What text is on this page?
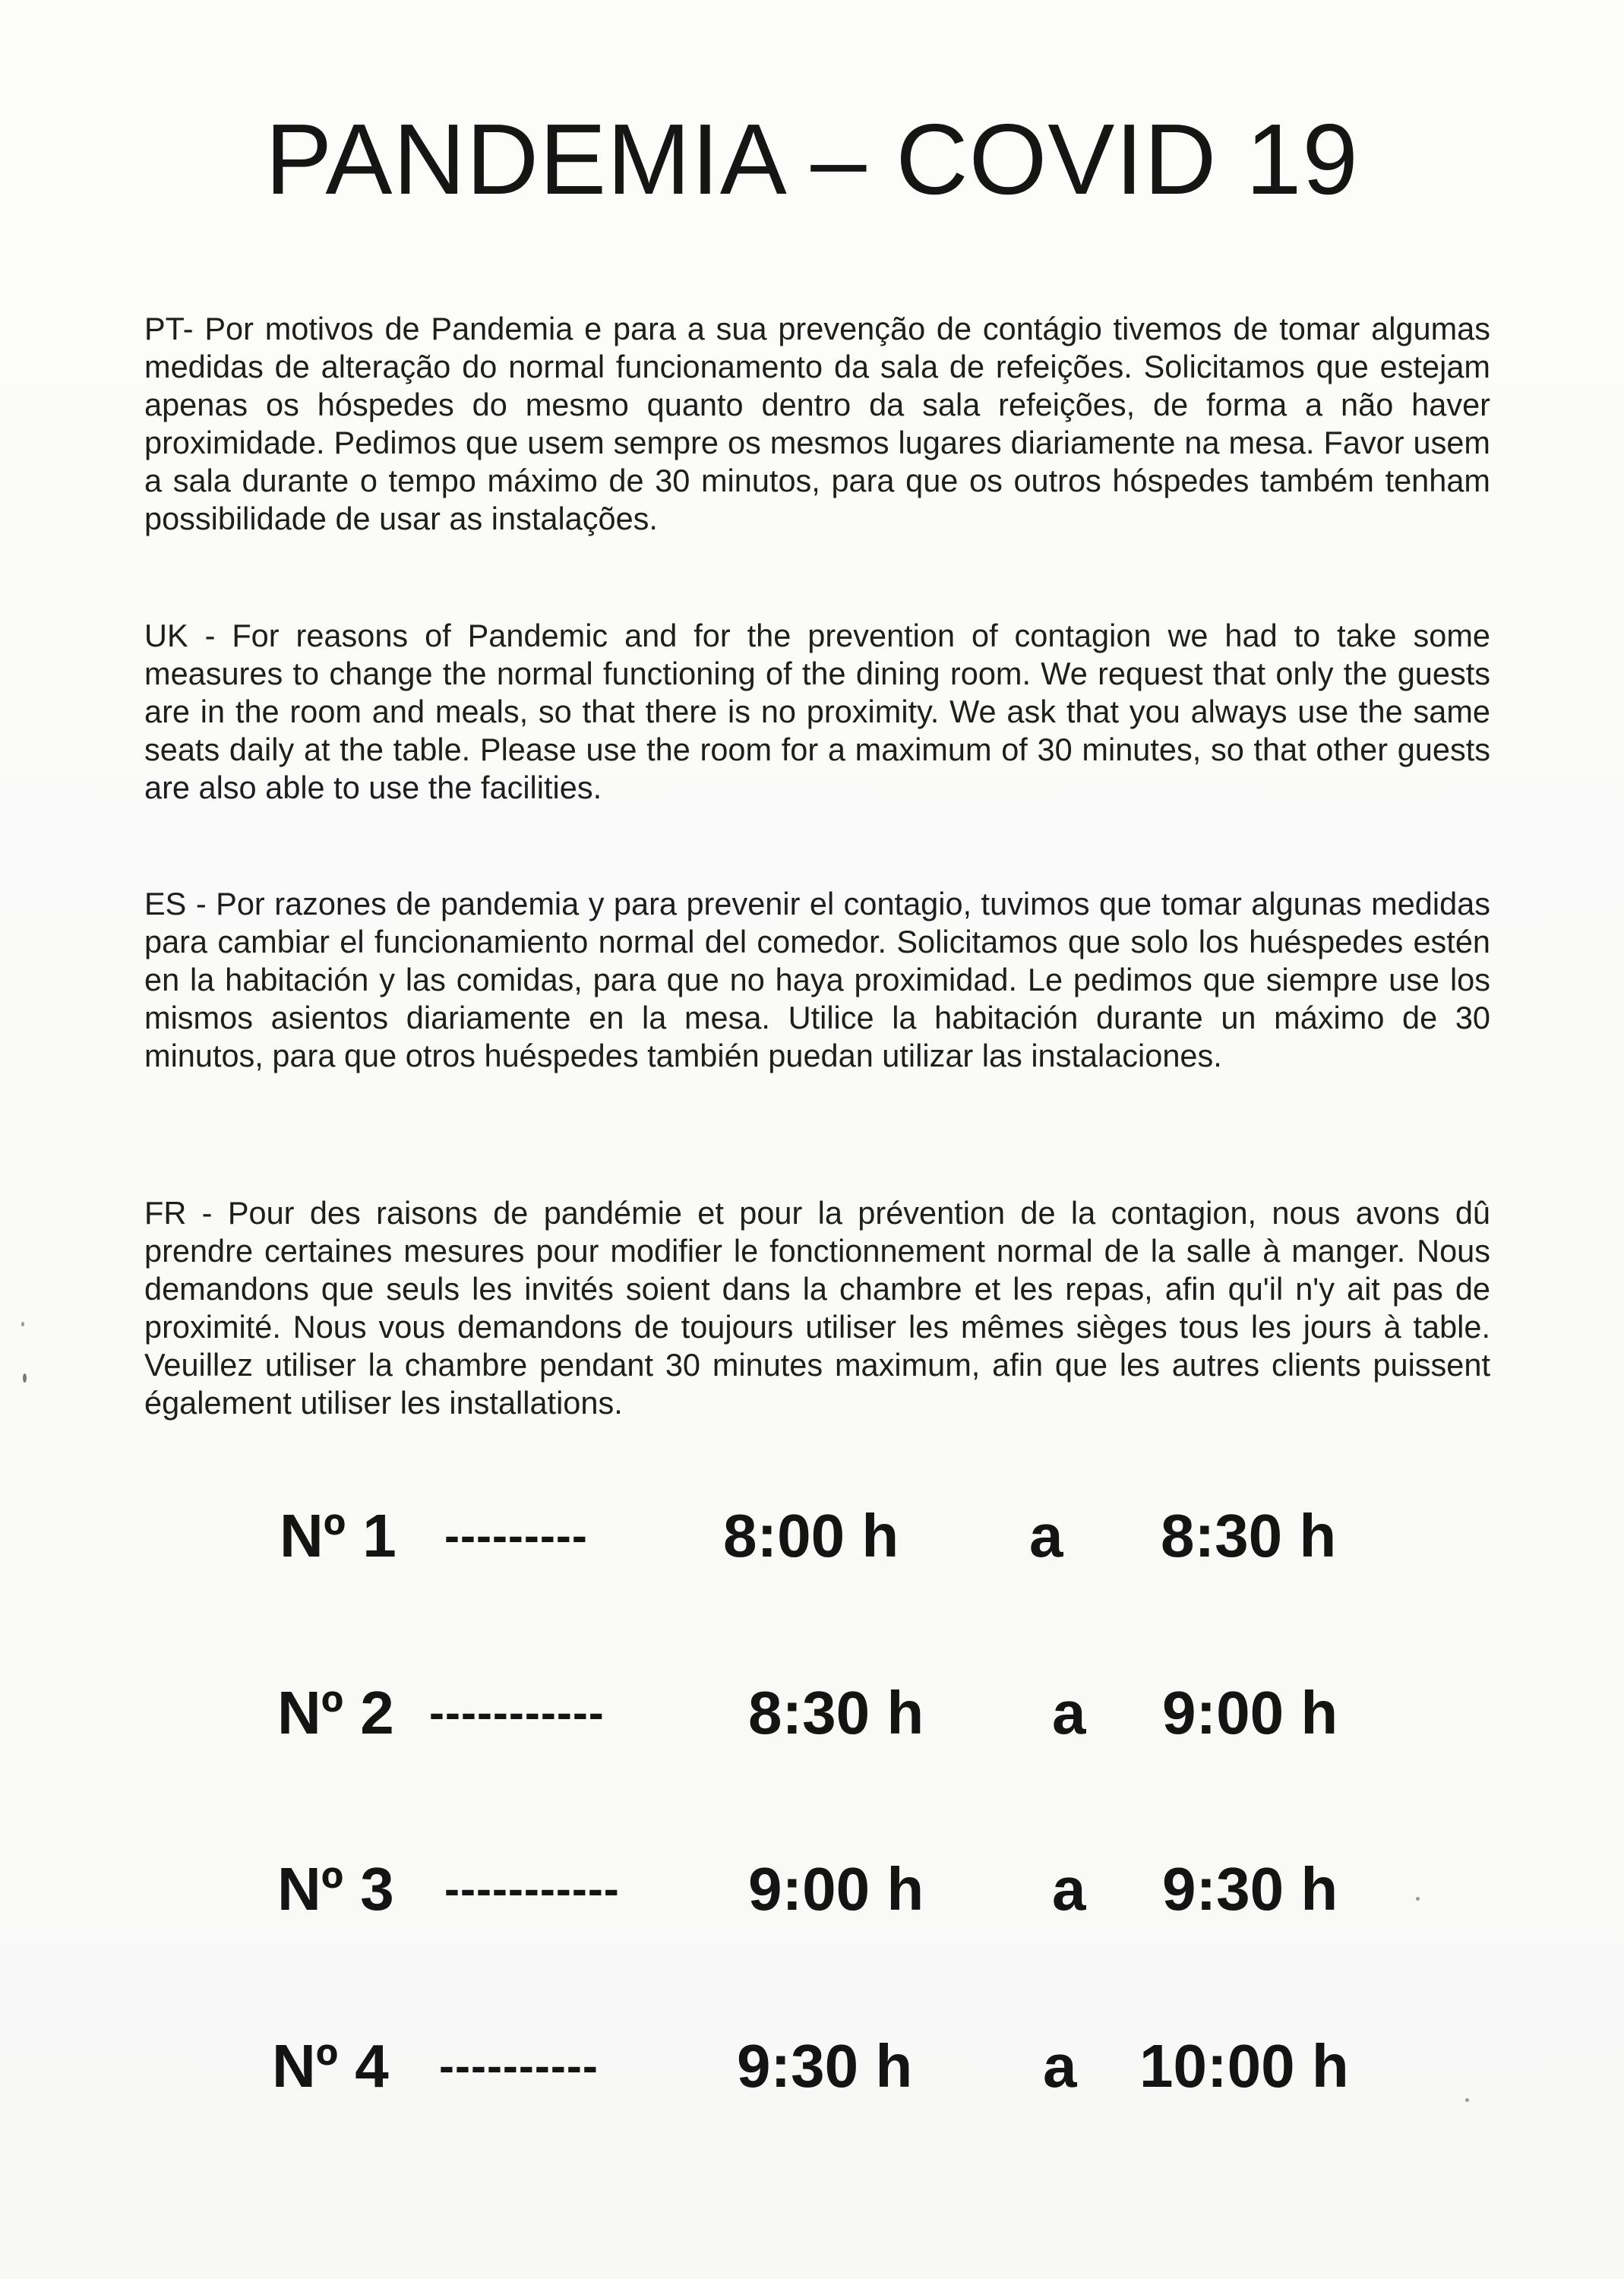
PANDEMIA – COVID 19
PT- Por motivos de Pandemia e para a sua prevenção de contágio tivemos de tomar algumas medidas de alteração do normal funcionamento da sala de refeições. Solicitamos que estejam apenas os hóspedes do mesmo quanto dentro da sala refeições, de forma a não haver proximidade. Pedimos que usem sempre os mesmos lugares diariamente na mesa. Favor usem a sala durante o tempo máximo de 30 minutos, para que os outros hóspedes também tenham possibilidade de usar as instalações.
UK - For reasons of Pandemic and for the prevention of contagion we had to take some measures to change the normal functioning of the dining room. We request that only the guests are in the room and meals, so that there is no proximity. We ask that you always use the same seats daily at the table. Please use the room for a maximum of 30 minutes, so that other guests are also able to use the facilities.
ES - Por razones de pandemia y para prevenir el contagio, tuvimos que tomar algunas medidas para cambiar el funcionamiento normal del comedor. Solicitamos que solo los huéspedes estén en la habitación y las comidas, para que no haya proximidad. Le pedimos que siempre use los mismos asientos diariamente en la mesa. Utilice la habitación durante un máximo de 30 minutos, para que otros huéspedes también puedan utilizar las instalaciones.
FR - Pour des raisons de pandémie et pour la prévention de la contagion, nous avons dû prendre certaines mesures pour modifier le fonctionnement normal de la salle à manger. Nous demandons que seuls les invités soient dans la chambre et les repas, afin qu'il n'y ait pas de proximité. Nous vous demandons de toujours utiliser les mêmes sièges tous les jours à table. Veuillez utiliser la chambre pendant 30 minutes maximum, afin que les autres clients puissent également utiliser les installations.
Nº 1 --------- 8:00 h a 8:30 h
Nº 2 ----------- 8:30 h a 9:00 h
Nº 3 ----------- 9:00 h a 9:30 h
Nº 4 ---------- 9:30 h a 10:00 h
